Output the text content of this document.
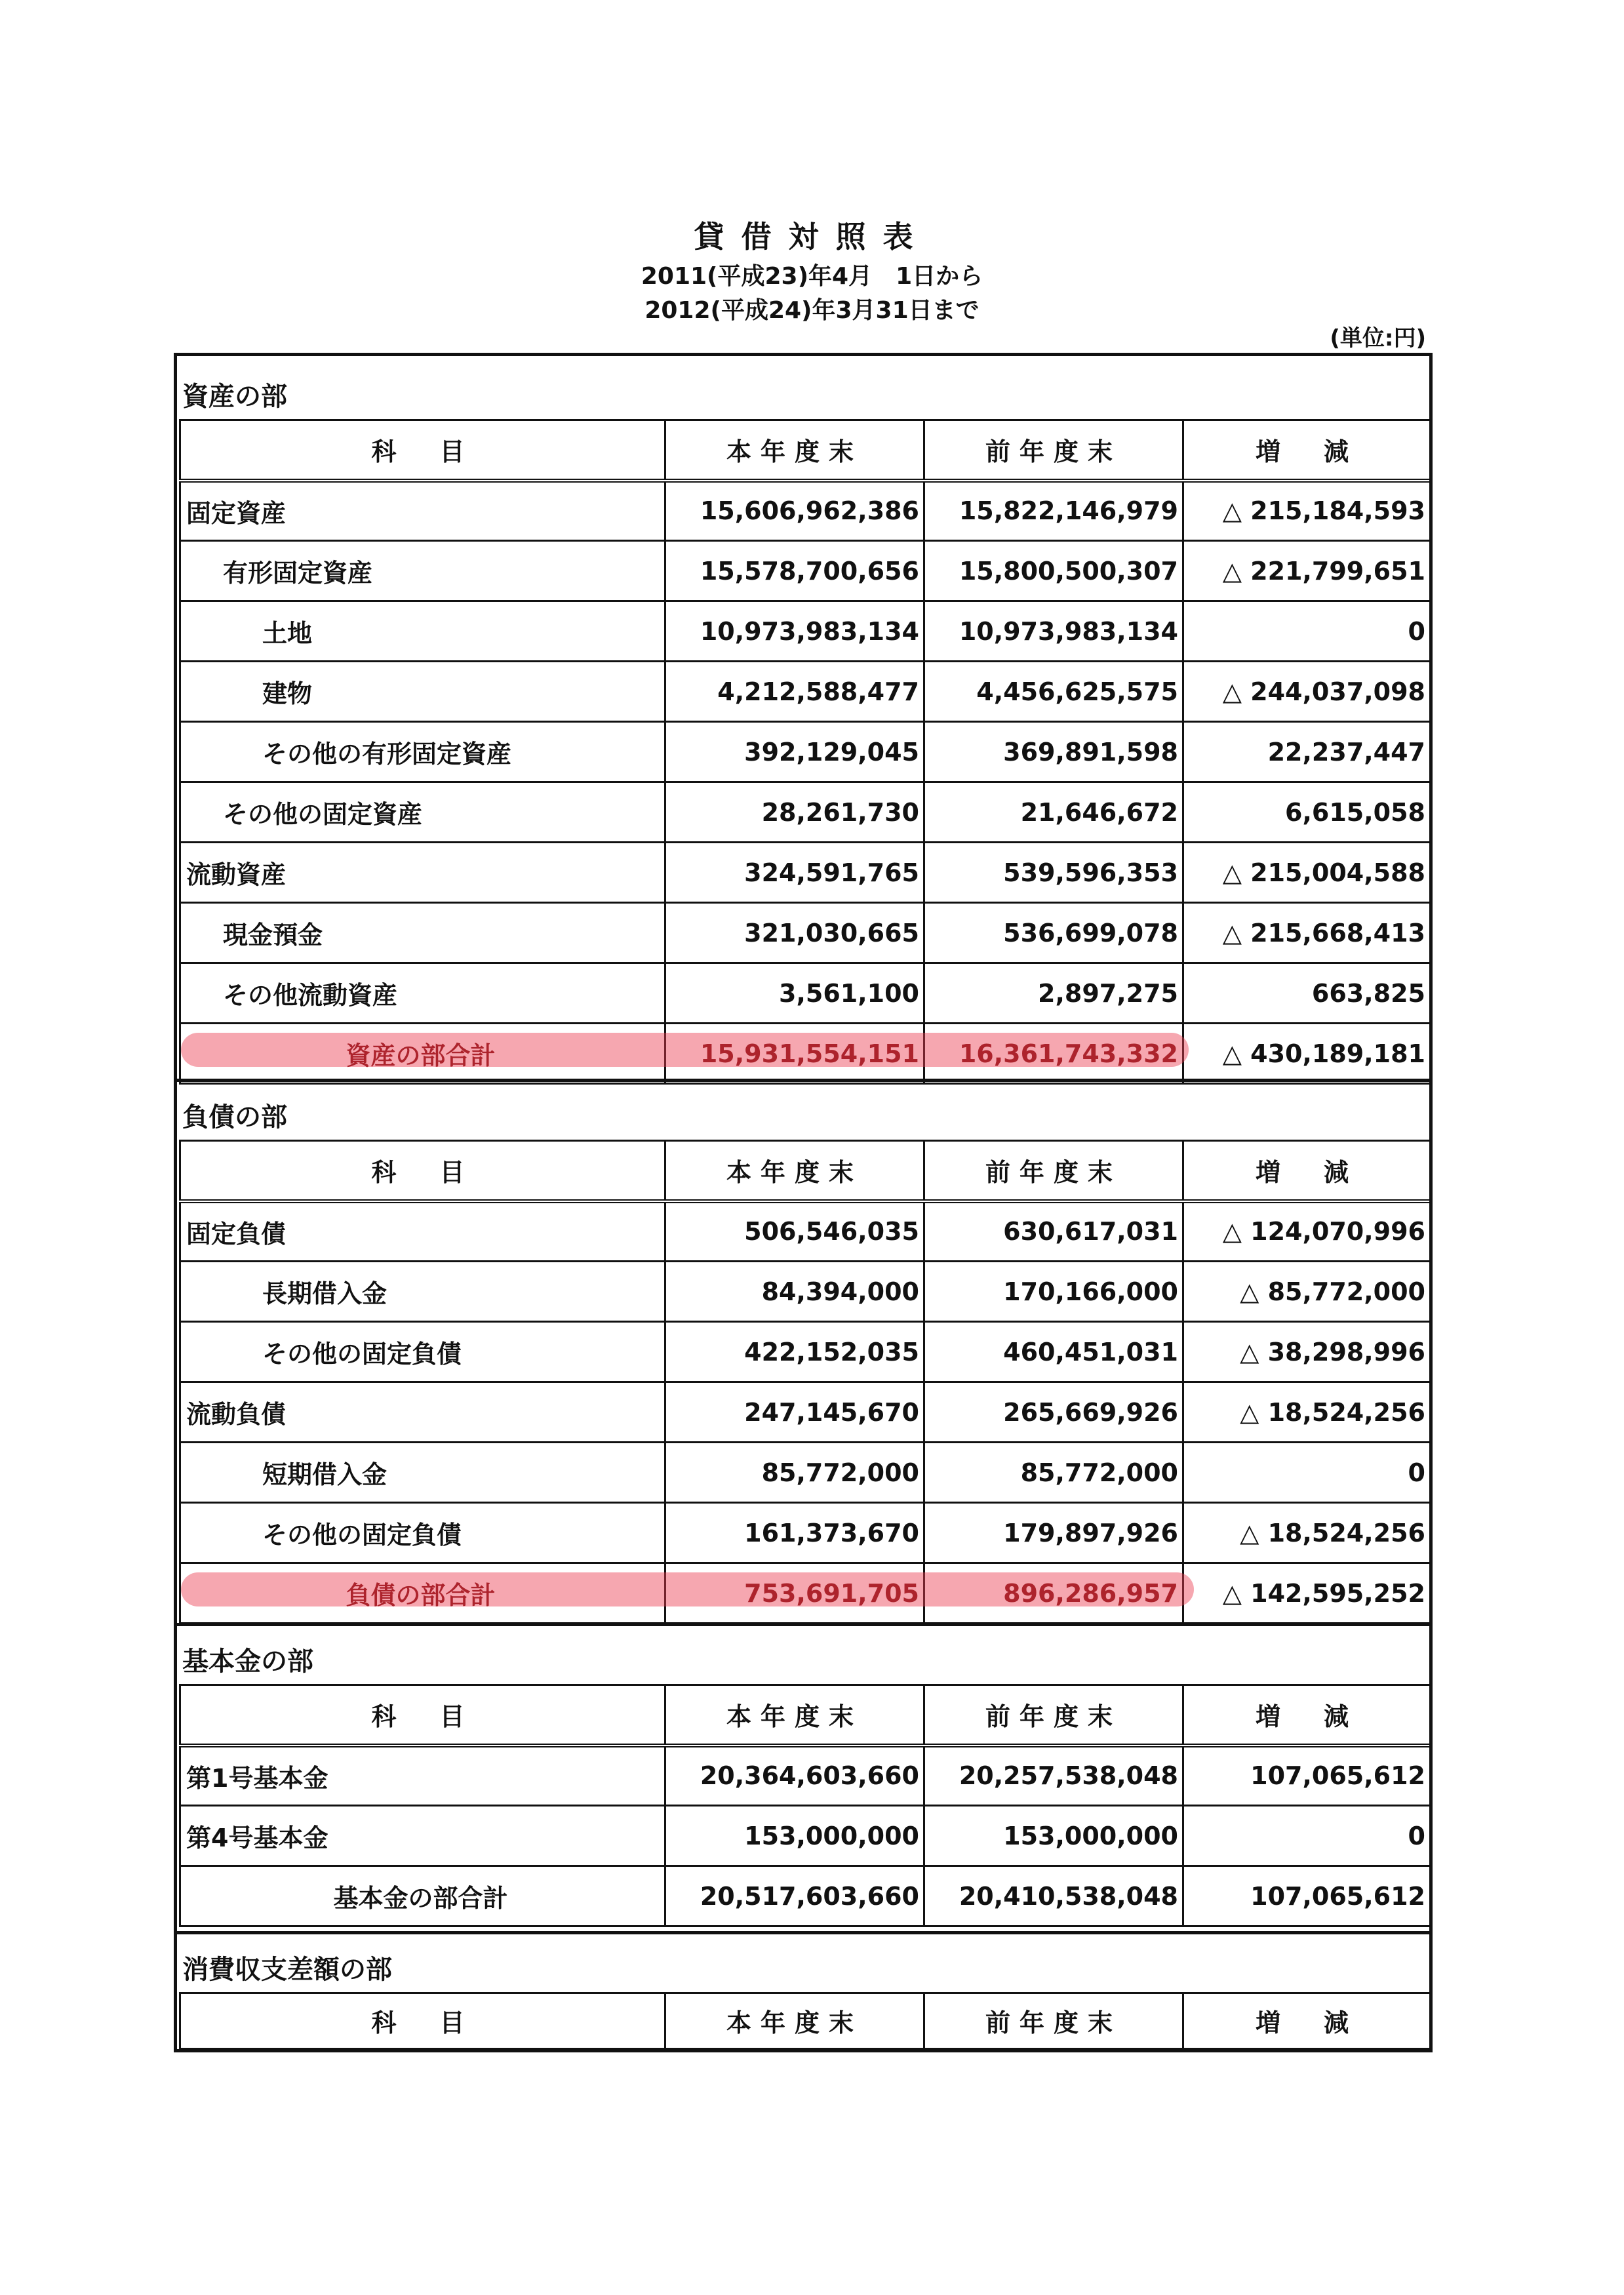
貸借対照表
2011(平成23)年4月　1日から
2012(平成24)年3月31日まで
(単位:円)
資産の部
科　目	本年度末	前年度末	増　減
固定資産	15,606,962,386	15,822,146,979	△ 215,184,593
有形固定資産	15,578,700,656	15,800,500,307	△ 221,799,651
土地	10,973,983,134	10,973,983,134	0
建物	4,212,588,477	4,456,625,575	△ 244,037,098
その他の有形固定資産	392,129,045	369,891,598	22,237,447
その他の固定資産	28,261,730	21,646,672	6,615,058
流動資産	324,591,765	539,596,353	△ 215,004,588
現金預金	321,030,665	536,699,078	△ 215,668,413
その他流動資産	3,561,100	2,897,275	663,825
資産の部合計	15,931,554,151	16,361,743,332	△ 430,189,181
負債の部
科　目	本年度末	前年度末	増　減
固定負債	506,546,035	630,617,031	△ 124,070,996
長期借入金	84,394,000	170,166,000	△ 85,772,000
その他の固定負債	422,152,035	460,451,031	△ 38,298,996
流動負債	247,145,670	265,669,926	△ 18,524,256
短期借入金	85,772,000	85,772,000	0
その他の固定負債	161,373,670	179,897,926	△ 18,524,256
負債の部合計	753,691,705	896,286,957	△ 142,595,252
基本金の部
科　目	本年度末	前年度末	増　減
第1号基本金	20,364,603,660	20,257,538,048	107,065,612
第4号基本金	153,000,000	153,000,000	0
基本金の部合計	20,517,603,660	20,410,538,048	107,065,612
消費収支差額の部
科　目	本年度末	前年度末	増　減
